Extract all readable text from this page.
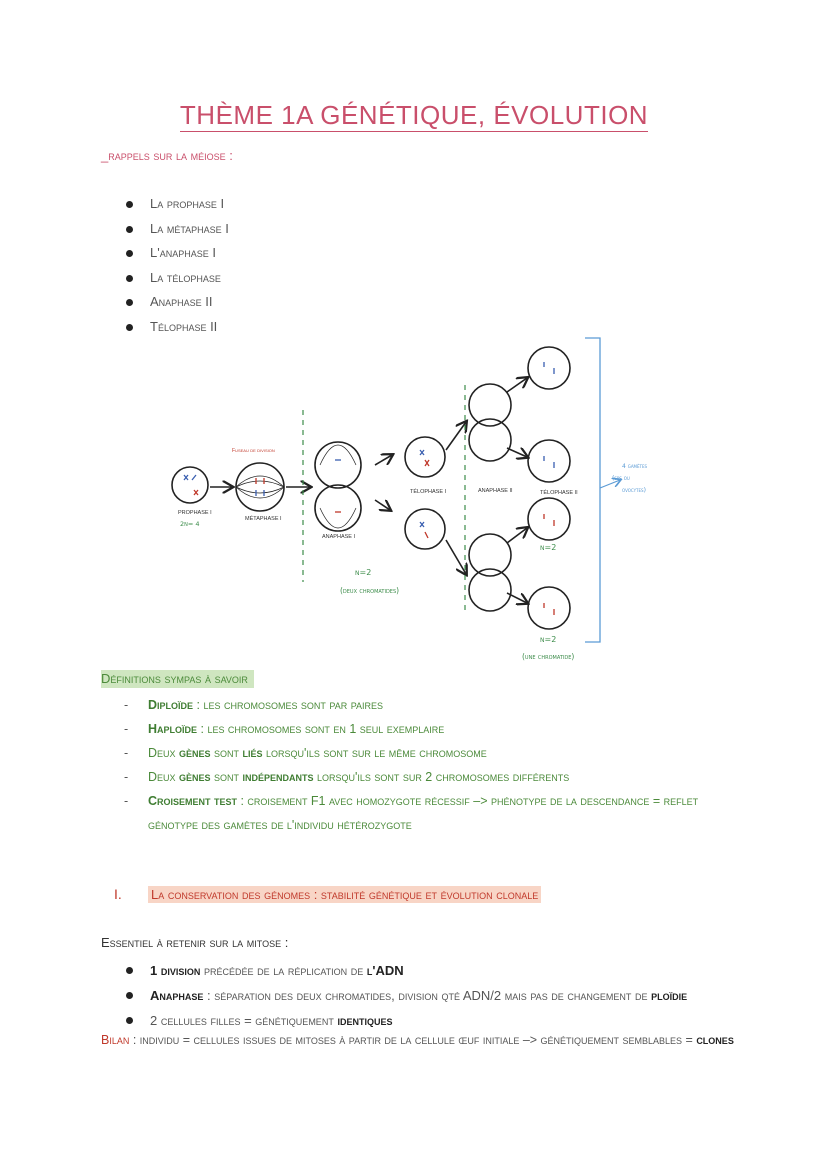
THÈME 1A GÉNÉTIQUE, ÉVOLUTION
_rappels sur la méiose :
La prophase I
La métaphase I
L'anaphase I
La télophase
Anaphase II
Télophase II
PROPHASE I
MÉTAPHASE I
ANAPHASE I
TÉLOPHASE I	ANAPHASE II	TÉLOPHASE II
Fuseau de division
2n= 4
n=2
(deux chromatides)
n=2
n=2
(une chromatide)
4 gamètes
(sps ou
ovocytes)
Définitions sympas à savoir
- Diploïde : les chromosomes sont par paires
- Haploïde : les chromosomes sont en 1 seul exemplaire
- Deux gènes sont liés lorsqu'ils sont sur le même chromosome
- Deux gènes sont indépendants lorsqu'ils sont sur 2 chromosomes différents
- Croisement test : croisement F1 avec homozygote récessif –> phénotype de la descendance = reflet génotype des gamètes de l'individu hétérozygote
I. La conservation des génomes : stabilité génétique et évolution clonale
Essentiel à retenir sur la mitose :
1 division précédée de la réplication de l'ADN
Anaphase : séparation des deux chromatides, division qté ADN/2 mais pas de changement de ploïdie
2 cellules filles = génétiquement identiques
Bilan : individu = cellules issues de mitoses à partir de la cellule œuf initiale –> génétiquement semblables = clones
